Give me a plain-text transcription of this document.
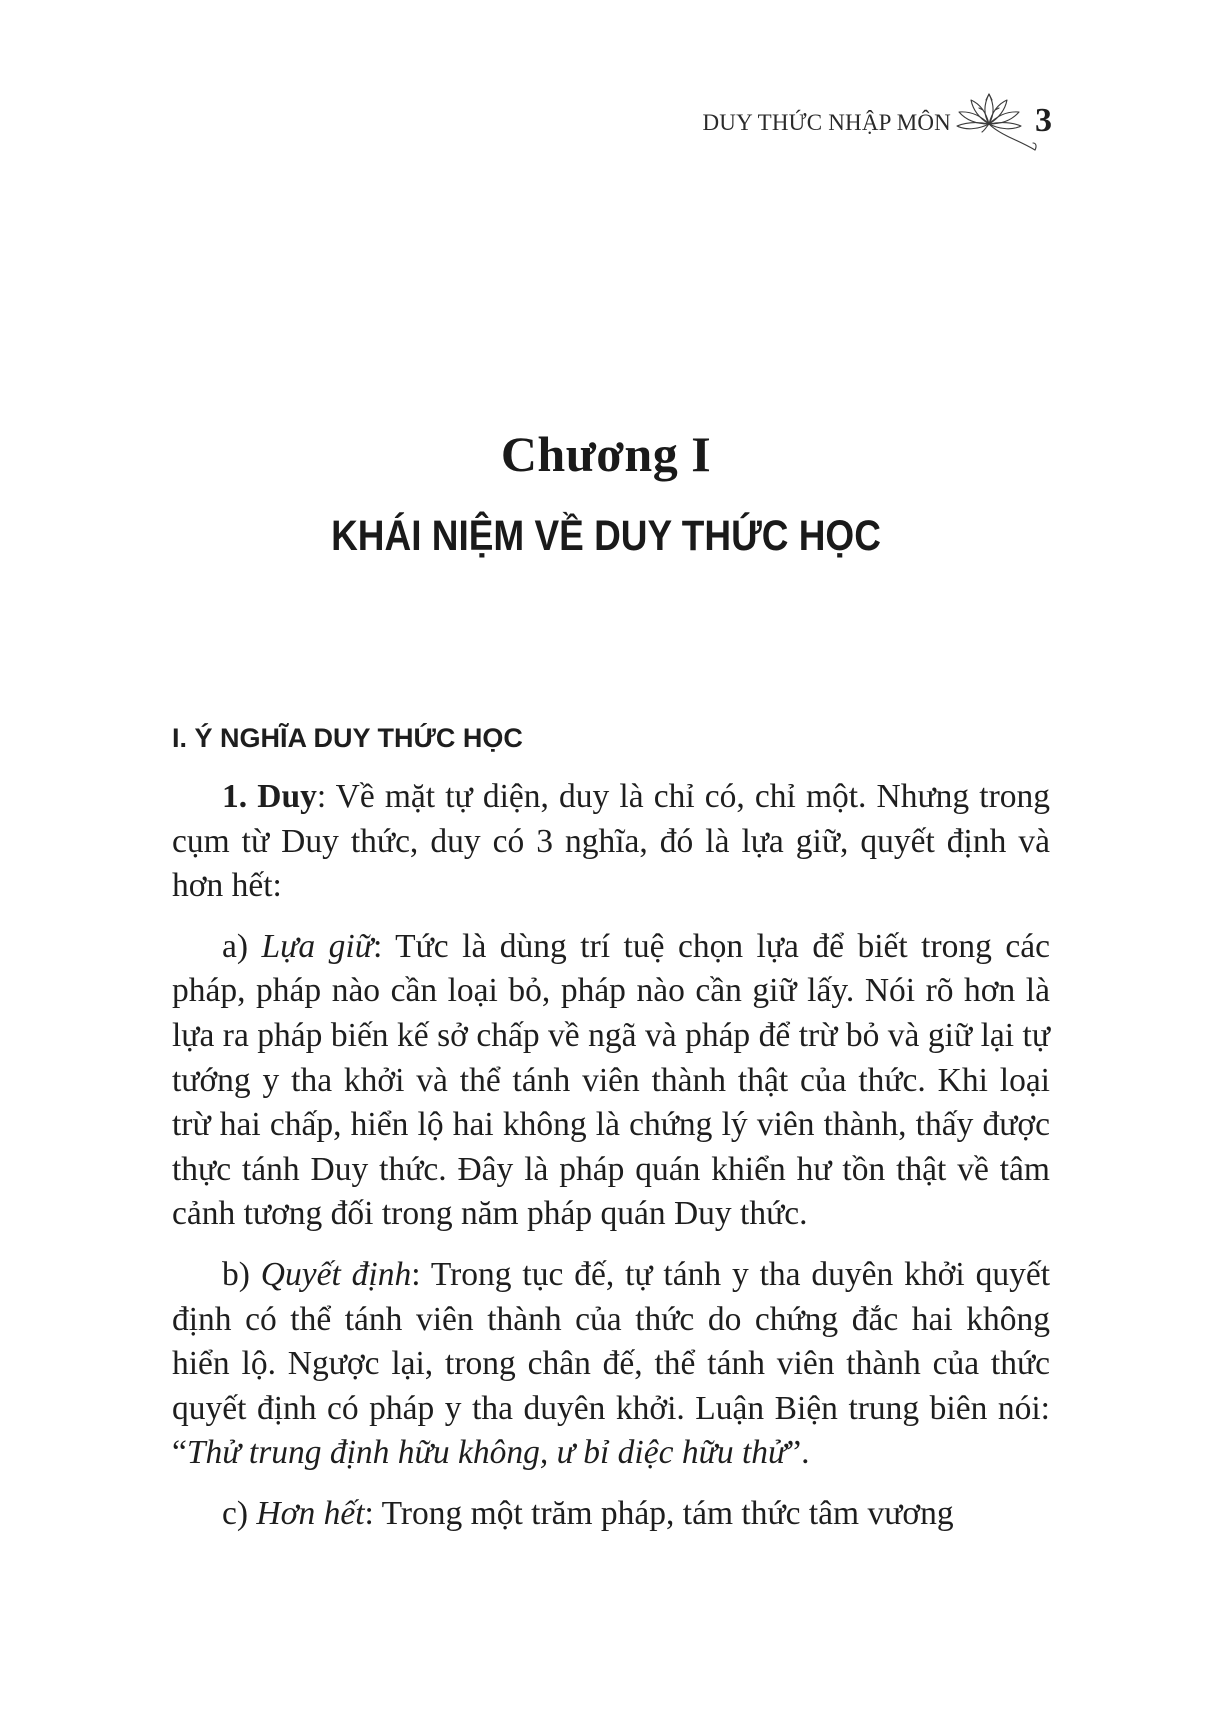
DUY THỨC NHẬP MÔN 3
Chương I
KHÁI NIỆM VỀ DUY THỨC HỌC
I. Ý NGHĨA DUY THỨC HỌC

1. Duy: Về mặt tự diện, duy là chỉ có, chỉ một. Nhưng trong cụm từ Duy thức, duy có 3 nghĩa, đó là lựa giữ, quyết định và hơn hết:

a) Lựa giữ: Tức là dùng trí tuệ chọn lựa để biết trong các pháp, pháp nào cần loại bỏ, pháp nào cần giữ lấy. Nói rõ hơn là lựa ra pháp biến kế sở chấp về ngã và pháp để trừ bỏ và giữ lại tự tướng y tha khởi và thể tánh viên thành thật của thức. Khi loại trừ hai chấp, hiển lộ hai không là chứng lý viên thành, thấy được thực tánh Duy thức. Đây là pháp quán khiển hư tồn thật về tâm cảnh tương đối trong năm pháp quán Duy thức.

b) Quyết định: Trong tục đế, tự tánh y tha duyên khởi quyết định có thể tánh viên thành của thức do chứng đắc hai không hiển lộ. Ngược lại, trong chân đế, thể tánh viên thành của thức quyết định có pháp y tha duyên khởi. Luận Biện trung biên nói: “Thử trung định hữu không, ư bỉ diệc hữu thử”.

c) Hơn hết: Trong một trăm pháp, tám thức tâm vương
